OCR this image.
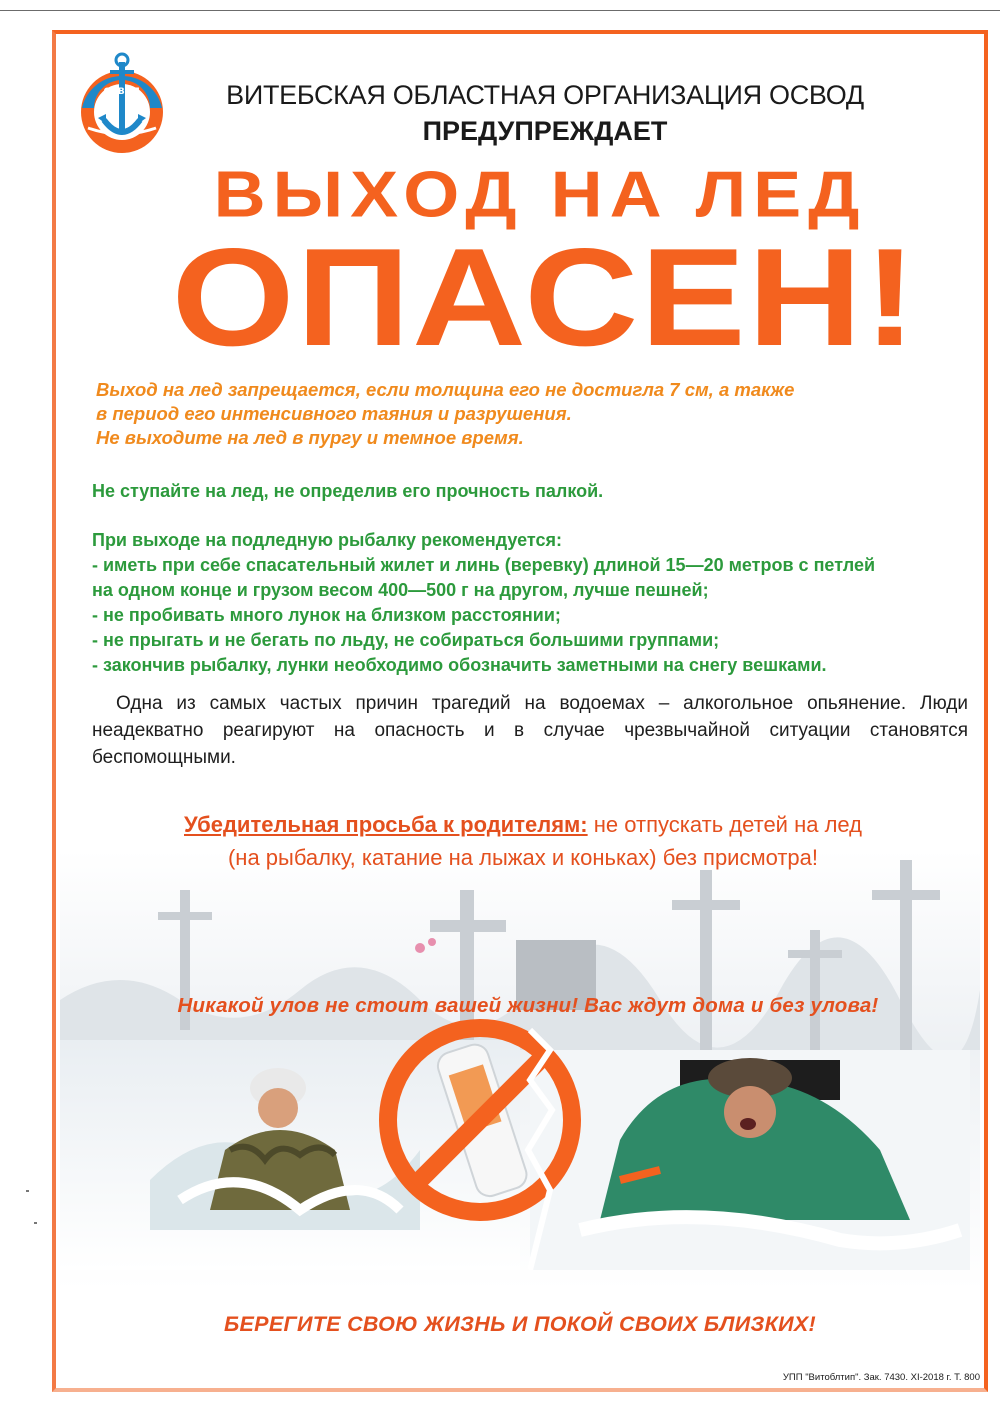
ОСВОД	ВИТЕБСКАЯ ОБЛАСТНАЯ ОРГАНИЗАЦИЯ ОСВОД
ПРЕДУПРЕЖДАЕТ
ВЫХОД НА ЛЕД
ОПАСЕН!
Выход на лед запрещается, если толщина его не достигла 7 см, а также
в период его интенсивного таяния и разрушения.
Не выходите на лед в пургу и темное время.
Не ступайте на лед, не определив его прочность палкой.
При выходе на подледную рыбалку рекомендуется:
- иметь при себе спасательный жилет и линь (веревку) длиной 15—20 метров с петлей
на одном конце и грузом весом 400—500 г на другом, лучше пешней;
- не пробивать много лунок на близком расстоянии;
- не прыгать и не бегать по льду, не собираться большими группами;
- закончив рыбалку, лунки необходимо обозначить заметными на снегу вешками.
Одна из самых частых причин трагедий на водоемах – алкогольное опьянение. Люди неадекватно реагируют на опасность и в случае чрезвычайной ситуации становятся беспомощными.
Убедительная просьба к родителям: не отпускать детей на лед
(на рыбалку, катание на лыжах и коньках) без присмотра!
Никакой улов не стоит вашей жизни! Вас ждут дома и без улова!
БЕРЕГИТЕ СВОЮ ЖИЗНЬ И ПОКОЙ СВОИХ БЛИЗКИХ!
УПП "Витоблтип". Зак. 7430. XI-2018 г. Т. 800
